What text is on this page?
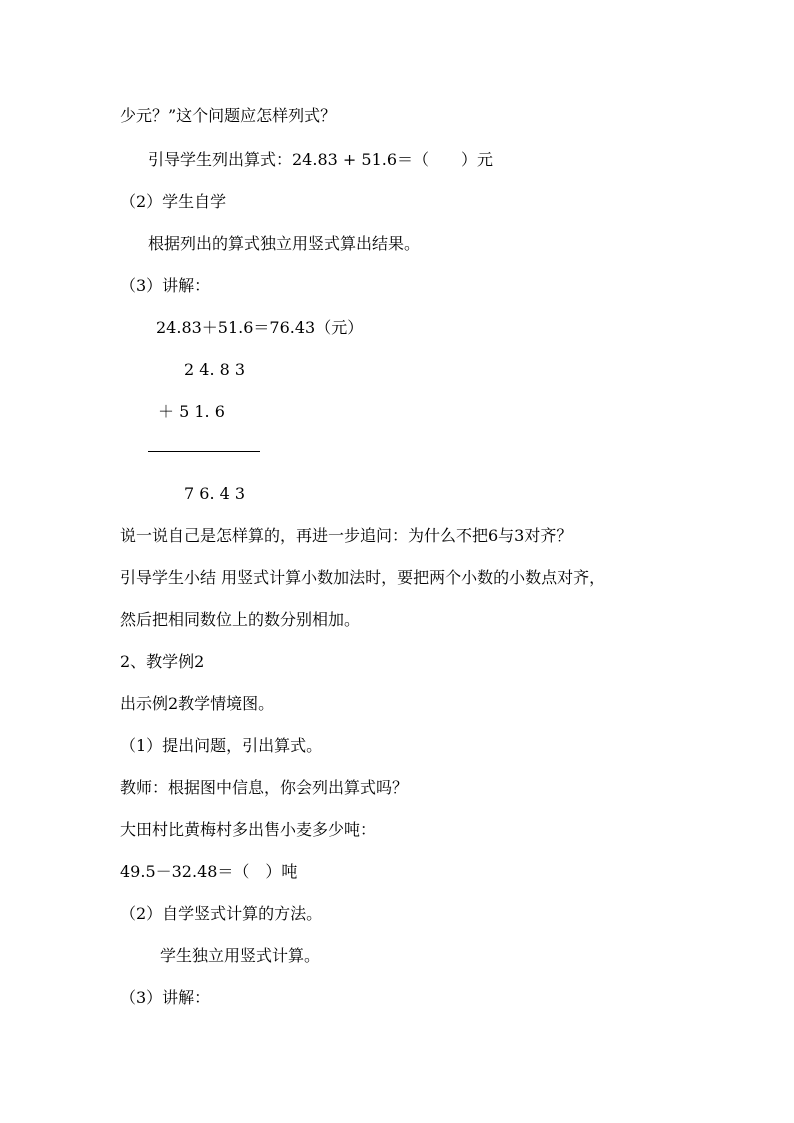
少元？”这个问题应怎样列式？
引导学生列出算式：24.83 + 51.6＝（　　）元
（2）学生自学
根据列出的算式独立用竖式算出结果。
（3）讲解：
24.83＋51.6＝76.43（元）
2 4. 8 3
＋ 5 1. 6
7 6. 4 3
说一说自己是怎样算的，再进一步追问：为什么不把6与3对齐？
引导学生小结 用竖式计算小数加法时，要把两个小数的小数点对齐，
然后把相同数位上的数分别相加。
2、教学例2
出示例2教学情境图。
（1）提出问题，引出算式。
教师：根据图中信息，你会列出算式吗？
大田村比黄梅村多出售小麦多少吨：
49.5－32.48＝（　）吨
（2）自学竖式计算的方法。
学生独立用竖式计算。
（3）讲解：
